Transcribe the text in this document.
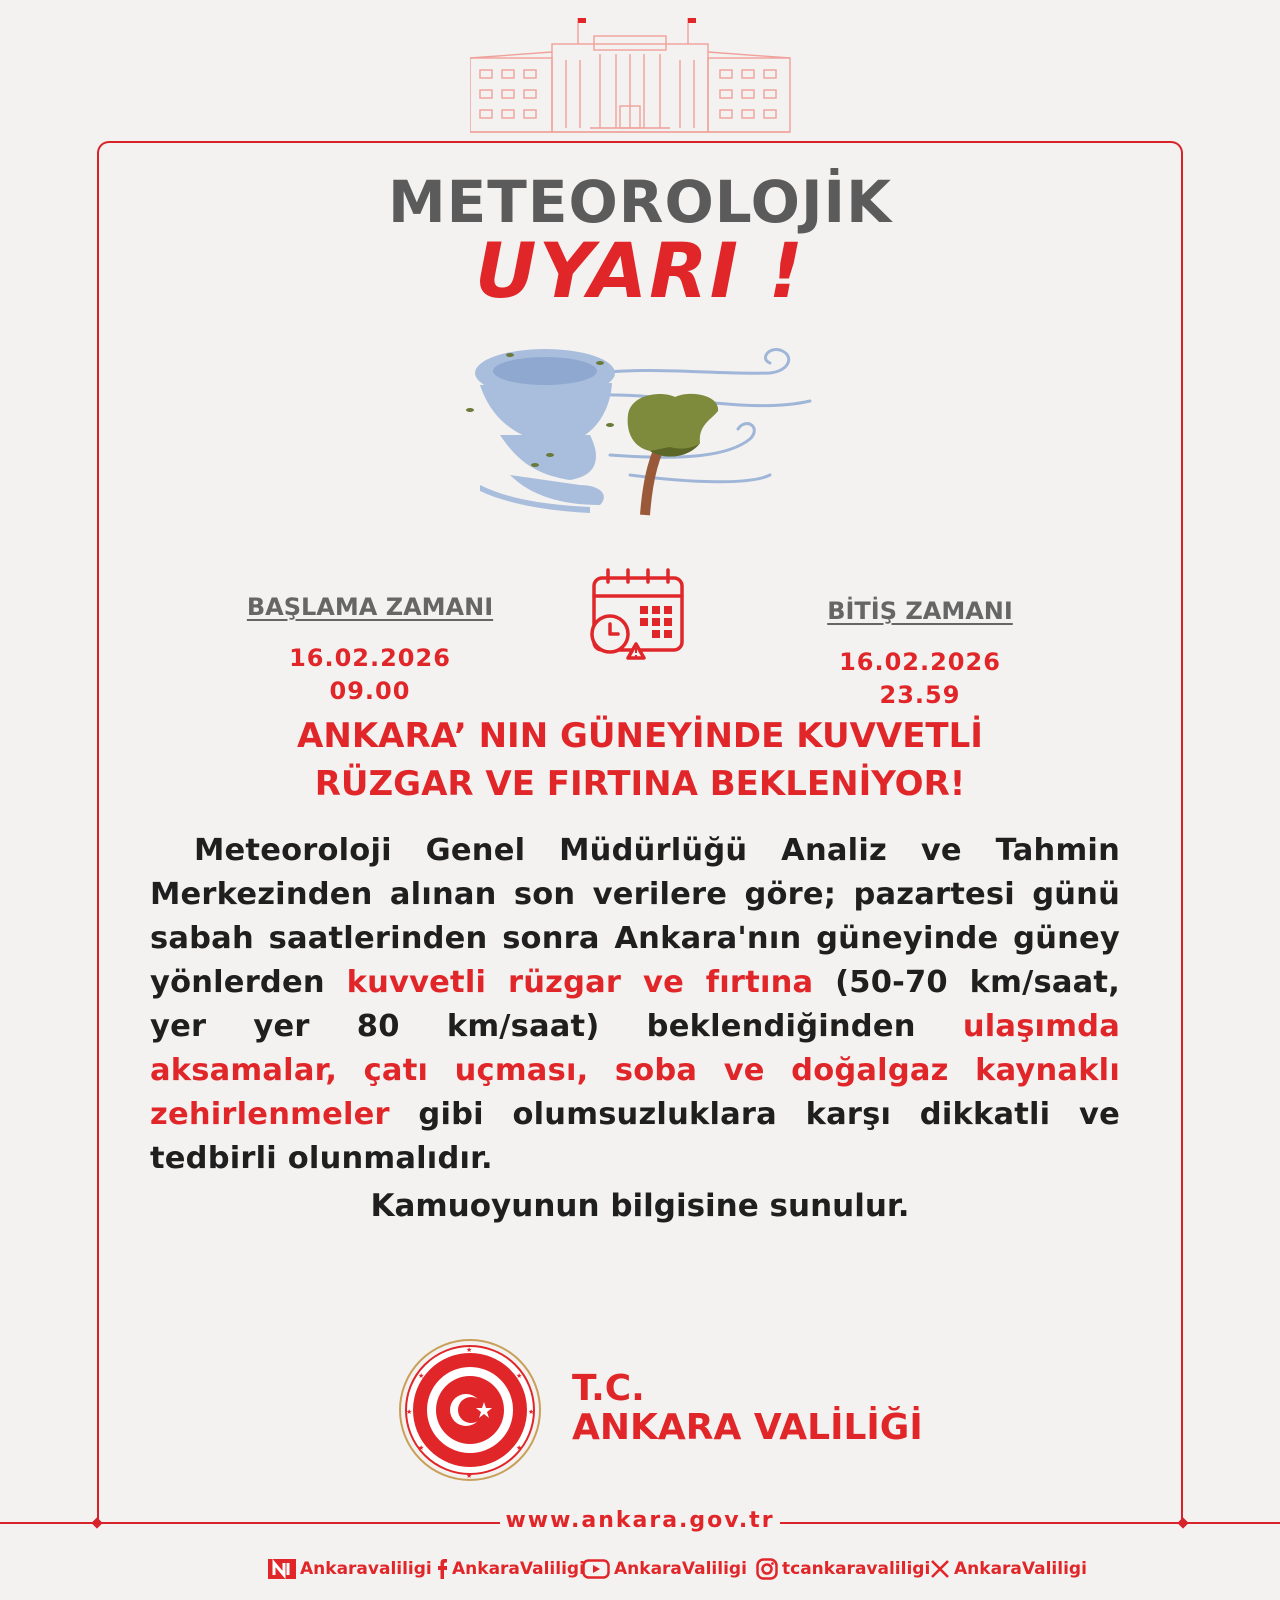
METEOROLOJİK
UYARI !
BAŞLAMA ZAMANI
16.02.2026
09.00
BİTİŞ ZAMANI
16.02.2026
23.59
ANKARA’ NIN GÜNEYİNDE KUVVETLİ
RÜZGAR VE FIRTINA BEKLENİYOR!
Meteoroloji Genel Müdürlüğü Analiz ve Tahmin Merkezinden alınan son verilere göre; pazartesi günü sabah saatlerinden sonra Ankara'nın güneyinde güney yönlerden kuvvetli rüzgar ve fırtına (50-70 km/saat, yer yer 80 km/saat) beklendiğinden ulaşımda aksamalar, çatı uçması, soba ve doğalgaz kaynaklı zehirlenmeler gibi olumsuzluklara karşı dikkatli ve tedbirli olunmalıdır.
Kamuoyunun bilgisine sunulur.
★	★
★	★
★	★
★
★
T.C.
ANKARA VALİLİĞİ
www.ankara.gov.tr
Ankaravaliligi AnkaraValiligi AnkaraValiligi tcankaravaliligi AnkaraValiligi
